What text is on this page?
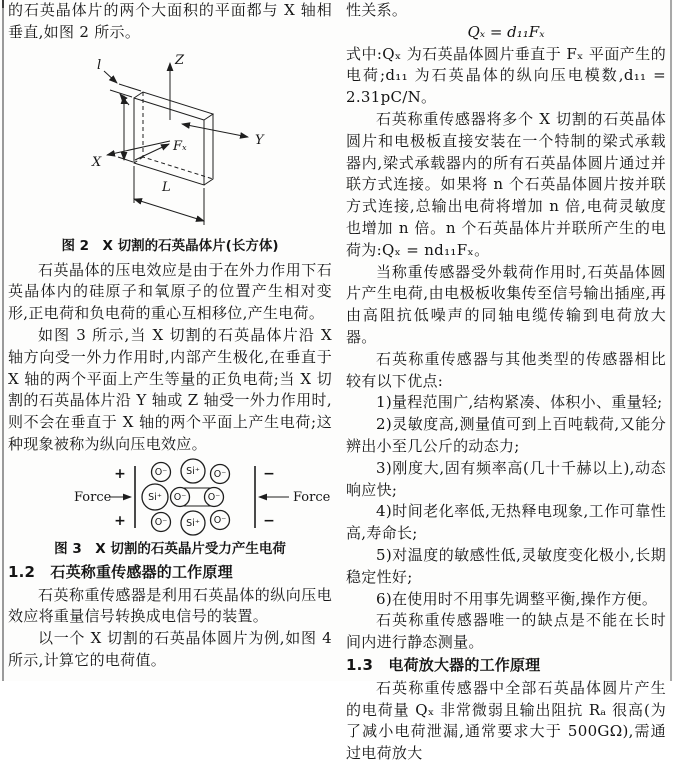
的石英晶体片的两个大面积的平面都与 X 轴相垂直,如图 2 所示。

Z
Y
X
Fₓ
l
L
图 2　X 切割的石英晶体片(长方体)

石英晶体的压电效应是由于在外力作用下石英晶体内的硅原子和氧原子的位置产生相对变形,正电荷和负电荷的重心互相移位,产生电荷。

如图 3 所示,当 X 切割的石英晶体片沿 X 轴方向受一外力作用时,内部产生极化,在垂直于 X 轴的两个平面上产生等量的正负电荷;当 X 切割的石英晶体片沿 Y 轴或 Z 轴受一外力作用时,则不会在垂直于 X 轴的两个平面上产生电荷;这种现象被称为纵向压电效应。

Force	Force
+
+
−
−
Si⁺
Si⁺
Si⁺
O⁻
O⁻
O⁻ O⁻
O⁻
O⁻
图 3　X 切割的石英晶片受力产生电荷
1.2　石英称重传感器的工作原理

石英称重传感器是利用石英晶体的纵向压电效应将重量信号转换成电信号的装置。

以一个 X 切割的石英晶体圆片为例,如图 4 所示,计算它的电荷值。

性关系。

Qₓ = d₁₁Fₓ

式中:Qₓ 为石英晶体圆片垂直于 Fₓ 平面产生的电荷;d₁₁ 为石英晶体的纵向压电模数,d₁₁ = 2.31pC/N。

石英称重传感器将多个 X 切割的石英晶体圆片和电极板直接安装在一个特制的梁式承载器内,梁式承载器内的所有石英晶体圆片通过并联方式连接。如果将 n 个石英晶体圆片按并联方式连接,总输出电荷将增加 n 倍,电荷灵敏度也增加 n 倍。n 个石英晶体片并联所产生的电荷为:Qₓ = nd₁₁Fₓ。

当称重传感器受外载荷作用时,石英晶体圆片产生电荷,由电极板收集传至信号输出插座,再由高阻抗低噪声的同轴电缆传输到电荷放大器。

石英称重传感器与其他类型的传感器相比较有以下优点:

1)量程范围广,结构紧凑、体积小、重量轻;

2)灵敏度高,测量值可到上百吨载荷,又能分辨出小至几公斤的动态力;

3)刚度大,固有频率高(几十千赫以上),动态响应快;

4)时间老化率低,无热释电现象,工作可靠性高,寿命长;

5)对温度的敏感性低,灵敏度变化极小,长期稳定性好;

6)在使用时不用事先调整平衡,操作方便。

石英称重传感器唯一的缺点是不能在长时间内进行静态测量。

1.3　电荷放大器的工作原理

石英称重传感器中全部石英晶体圆片产生的电荷量 Qₓ 非常微弱且输出阻抗 Rₐ 很高(为了减小电荷泄漏,通常要求大于 500GΩ),需通过电荷放大
